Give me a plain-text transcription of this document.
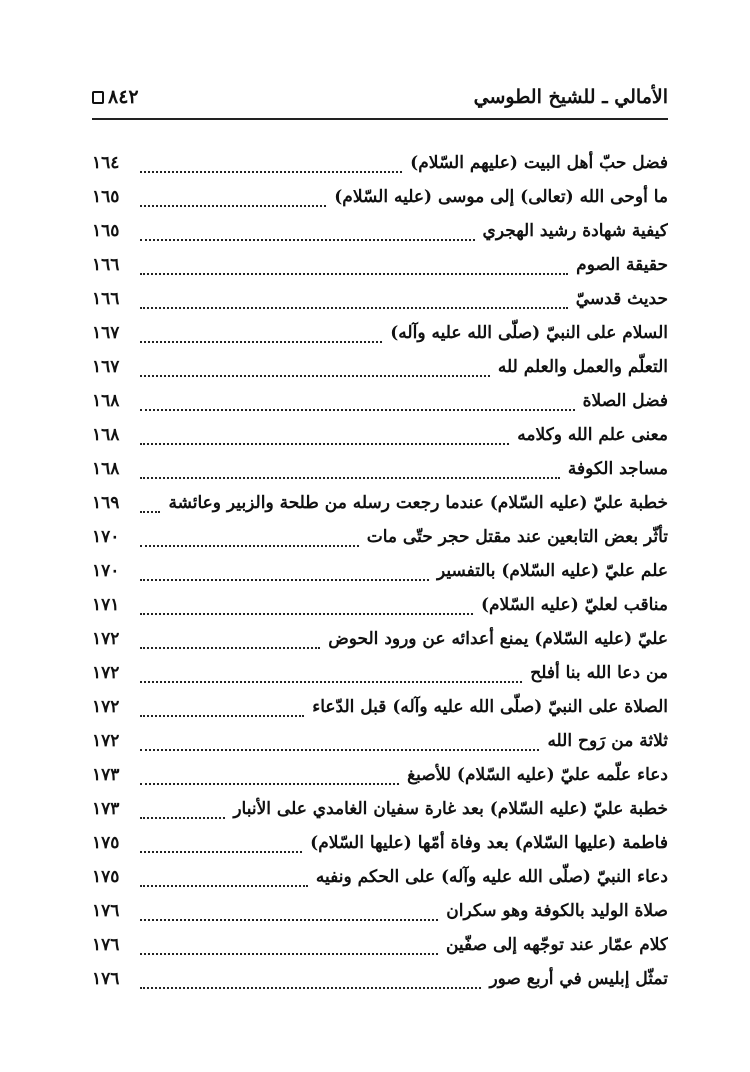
الأمالي ـ للشيخ الطوسي
٨٤٢
فضل حبّ أهل البيت (عليهم السّلام)
١٦٤
ما أوحى الله (تعالى) إلى موسى (عليه السّلام)
١٦٥
كيفية شهادة رشيد الهجري
١٦٥
حقيقة الصوم
١٦٦
حديث قدسيّ
١٦٦
السلام على النبيّ (صلّى الله عليه وآله)
١٦٧
التعلّم والعمل والعلم لله
١٦٧
فضل الصلاة
١٦٨
معنى علم الله وكلامه
١٦٨
مساجد الكوفة
١٦٨
خطبة عليّ (عليه السّلام) عندما رجعت رسله من طلحة والزبير وعائشة
١٦٩
تأثّر بعض التابعين عند مقتل حجر حتّى مات
١٧٠
علم عليّ (عليه السّلام) بالتفسير
١٧٠
مناقب لعليّ (عليه السّلام)
١٧١
عليّ (عليه السّلام) يمنع أعدائه عن ورود الحوض
١٧٢
من دعا الله بنا أفلح
١٧٢
الصلاة على النبيّ (صلّى الله عليه وآله) قبل الدّعاء
١٧٢
ثلاثة من رَوح الله
١٧٢
دعاء علّمه عليّ (عليه السّلام) للأصبغ
١٧٣
خطبة عليّ (عليه السّلام) بعد غارة سفيان الغامدي على الأنبار
١٧٣
فاطمة (عليها السّلام) بعد وفاة أمّها (عليها السّلام)
١٧٥
دعاء النبيّ (صلّى الله عليه وآله) على الحكم ونفيه
١٧٥
صلاة الوليد بالكوفة وهو سكران
١٧٦
كلام عمّار عند توجّهه إلى صفّين
١٧٦
تمثّل إبليس في أربع صور
١٧٦
